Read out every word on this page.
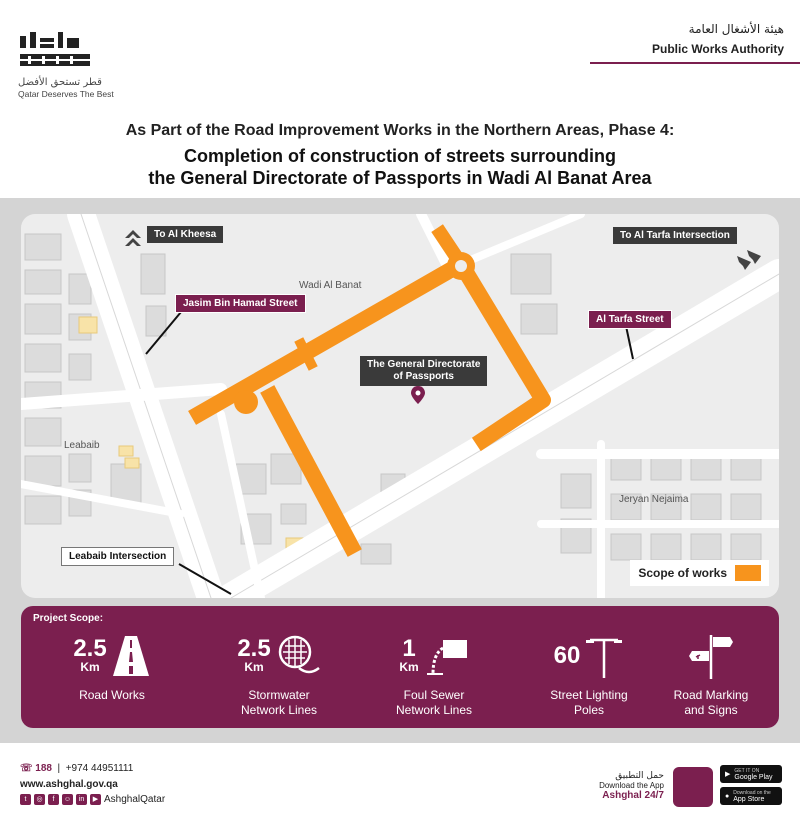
قطر تستحق الأفضل
Qatar Deserves The Best
هيئة الأشغال العامة
Public Works Authority
As Part of the Road Improvement Works in the Northern Areas, Phase 4:
Completion of construction of streets surrounding
the General Directorate of Passports in Wadi Al Banat Area
To Al Kheesa	To Al Tarfa Intersection
Jasim Bin Hamad Street
Al Tarfa Street
The General Directorate
of Passports
Leabaib Intersection
Wadi Al Banat
Leabaib
Jeryan Nejaima
Scope of works
Project Scope:
2.5
Km
Road Works
2.5
Km
Stormwater
Network Lines
1
Km
Foul Sewer
Network Lines
60
Street Lighting
Poles
Road Marking
and Signs
☏ 188  |  +974 44951111
www.ashghal.gov.qa
t	◎	f	☺	in	▶ AshghalQatar
حمل التطبيق
Download the App
Ashghal 24/7
▶
GET IT ON
Google Play
● Download on the
App Store
